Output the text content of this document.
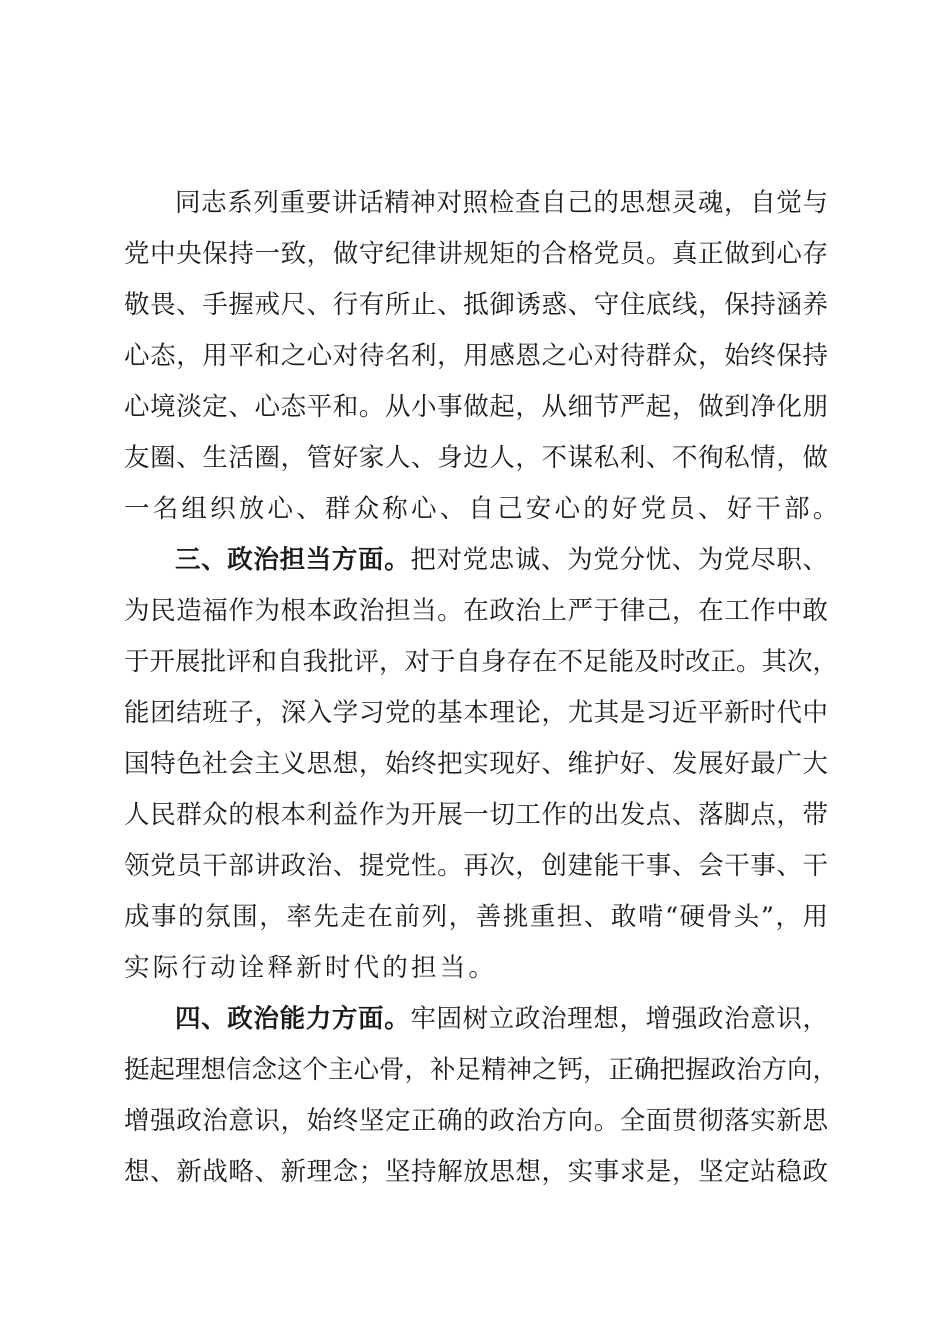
同志系列重要讲话精神对照检查自己的思想灵魂，自觉与
党中央保持一致，做守纪律讲规矩的合格党员。真正做到心存
敬畏、手握戒尺、行有所止、抵御诱惑、守住底线，保持涵养
心态，用平和之心对待名利，用感恩之心对待群众，始终保持
心境淡定、心态平和。从小事做起，从细节严起，做到净化朋
友圈、生活圈，管好家人、身边人，不谋私利、不徇私情，做
一名组织放心、群众称心、自己安心的好党员、好干部。
三、政治担当方面。把对党忠诚、为党分忧、为党尽职、
为民造福作为根本政治担当。在政治上严于律己，在工作中敢
于开展批评和自我批评，对于自身存在不足能及时改正。其次，
能团结班子，深入学习党的基本理论，尤其是习近平新时代中
国特色社会主义思想，始终把实现好、维护好、发展好最广大
人民群众的根本利益作为开展一切工作的出发点、落脚点，带
领党员干部讲政治、提党性。再次，创建能干事、会干事、干
成事的氛围，率先走在前列，善挑重担、敢啃“硬骨头”，用
实际行动诠释新时代的担当。
四、政治能力方面。牢固树立政治理想，增强政治意识，
挺起理想信念这个主心骨，补足精神之钙，正确把握政治方向，
增强政治意识，始终坚定正确的政治方向。全面贯彻落实新思
想、新战略、新理念；坚持解放思想，实事求是，坚定站稳政
